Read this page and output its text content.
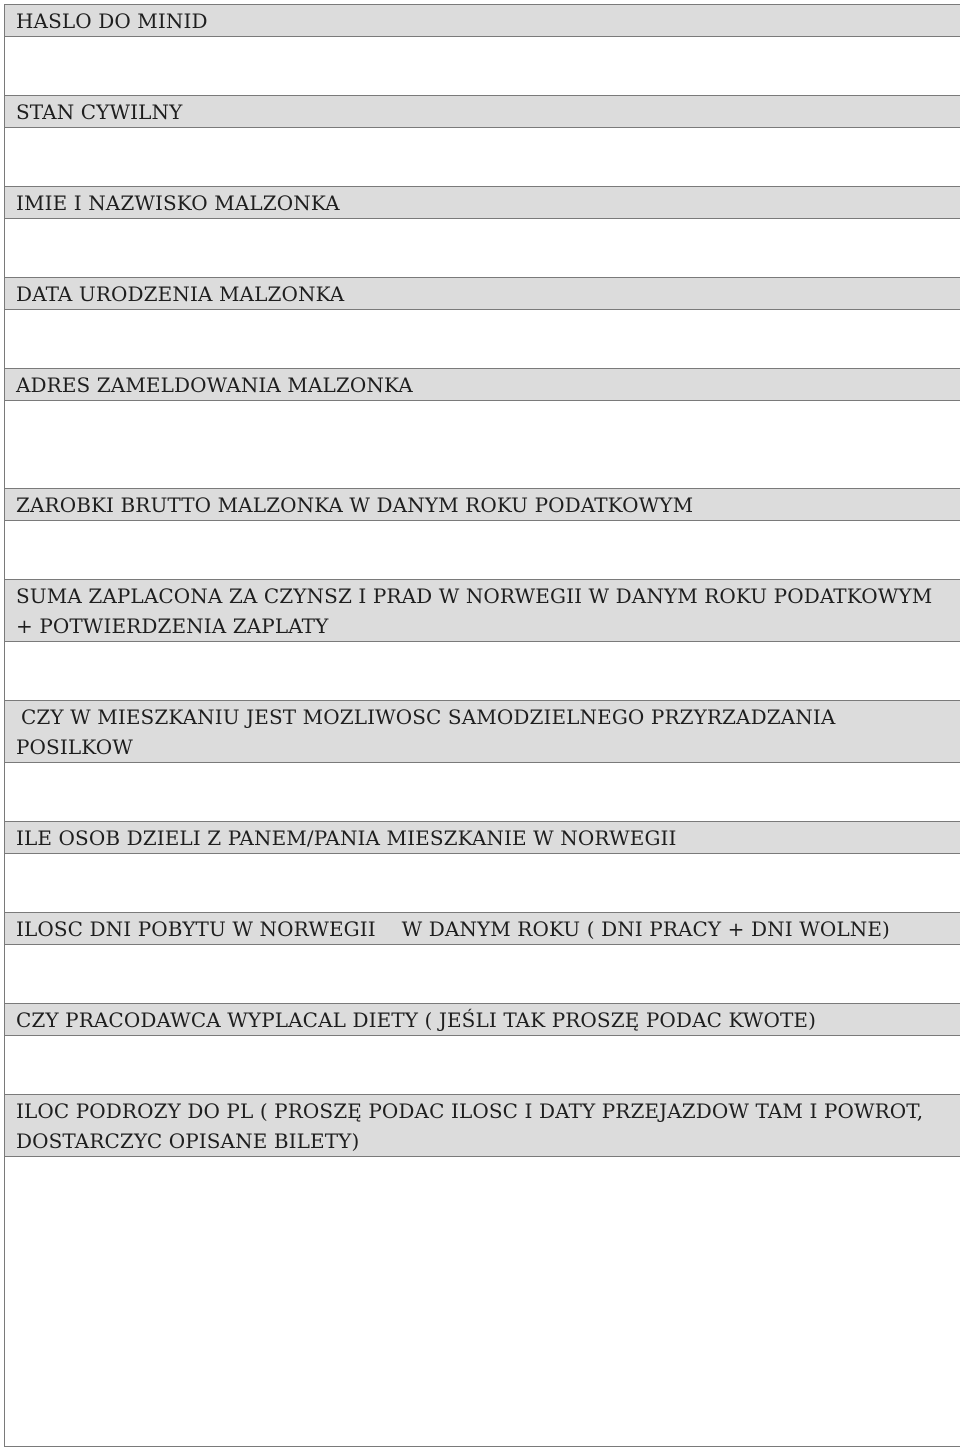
HASLO DO MINID
STAN CYWILNY
IMIE I NAZWISKO MALZONKA
DATA URODZENIA MALZONKA
ADRES ZAMELDOWANIA MALZONKA
ZAROBKI BRUTTO MALZONKA W DANYM ROKU PODATKOWYM
SUMA ZAPLACONA ZA CZYNSZ I PRAD W NORWEGII W DANYM ROKU PODATKOWYM
+ POTWIERDZENIA ZAPLATY
CZY W MIESZKANIU JEST MOZLIWOSC SAMODZIELNEGO PRZYRZADZANIA
POSILKOW
ILE OSOB DZIELI Z PANEM/PANIA MIESZKANIE W NORWEGII
ILOSC DNI POBYTU W NORWEGII    W DANYM ROKU ( DNI PRACY + DNI WOLNE)
CZY PRACODAWCA WYPLACAL DIETY ( JEŚLI TAK PROSZĘ PODAC KWOTE)
ILOC PODROZY DO PL ( PROSZĘ PODAC ILOSC I DATY PRZEJAZDOW TAM I POWROT,
DOSTARCZYC OPISANE BILETY)
